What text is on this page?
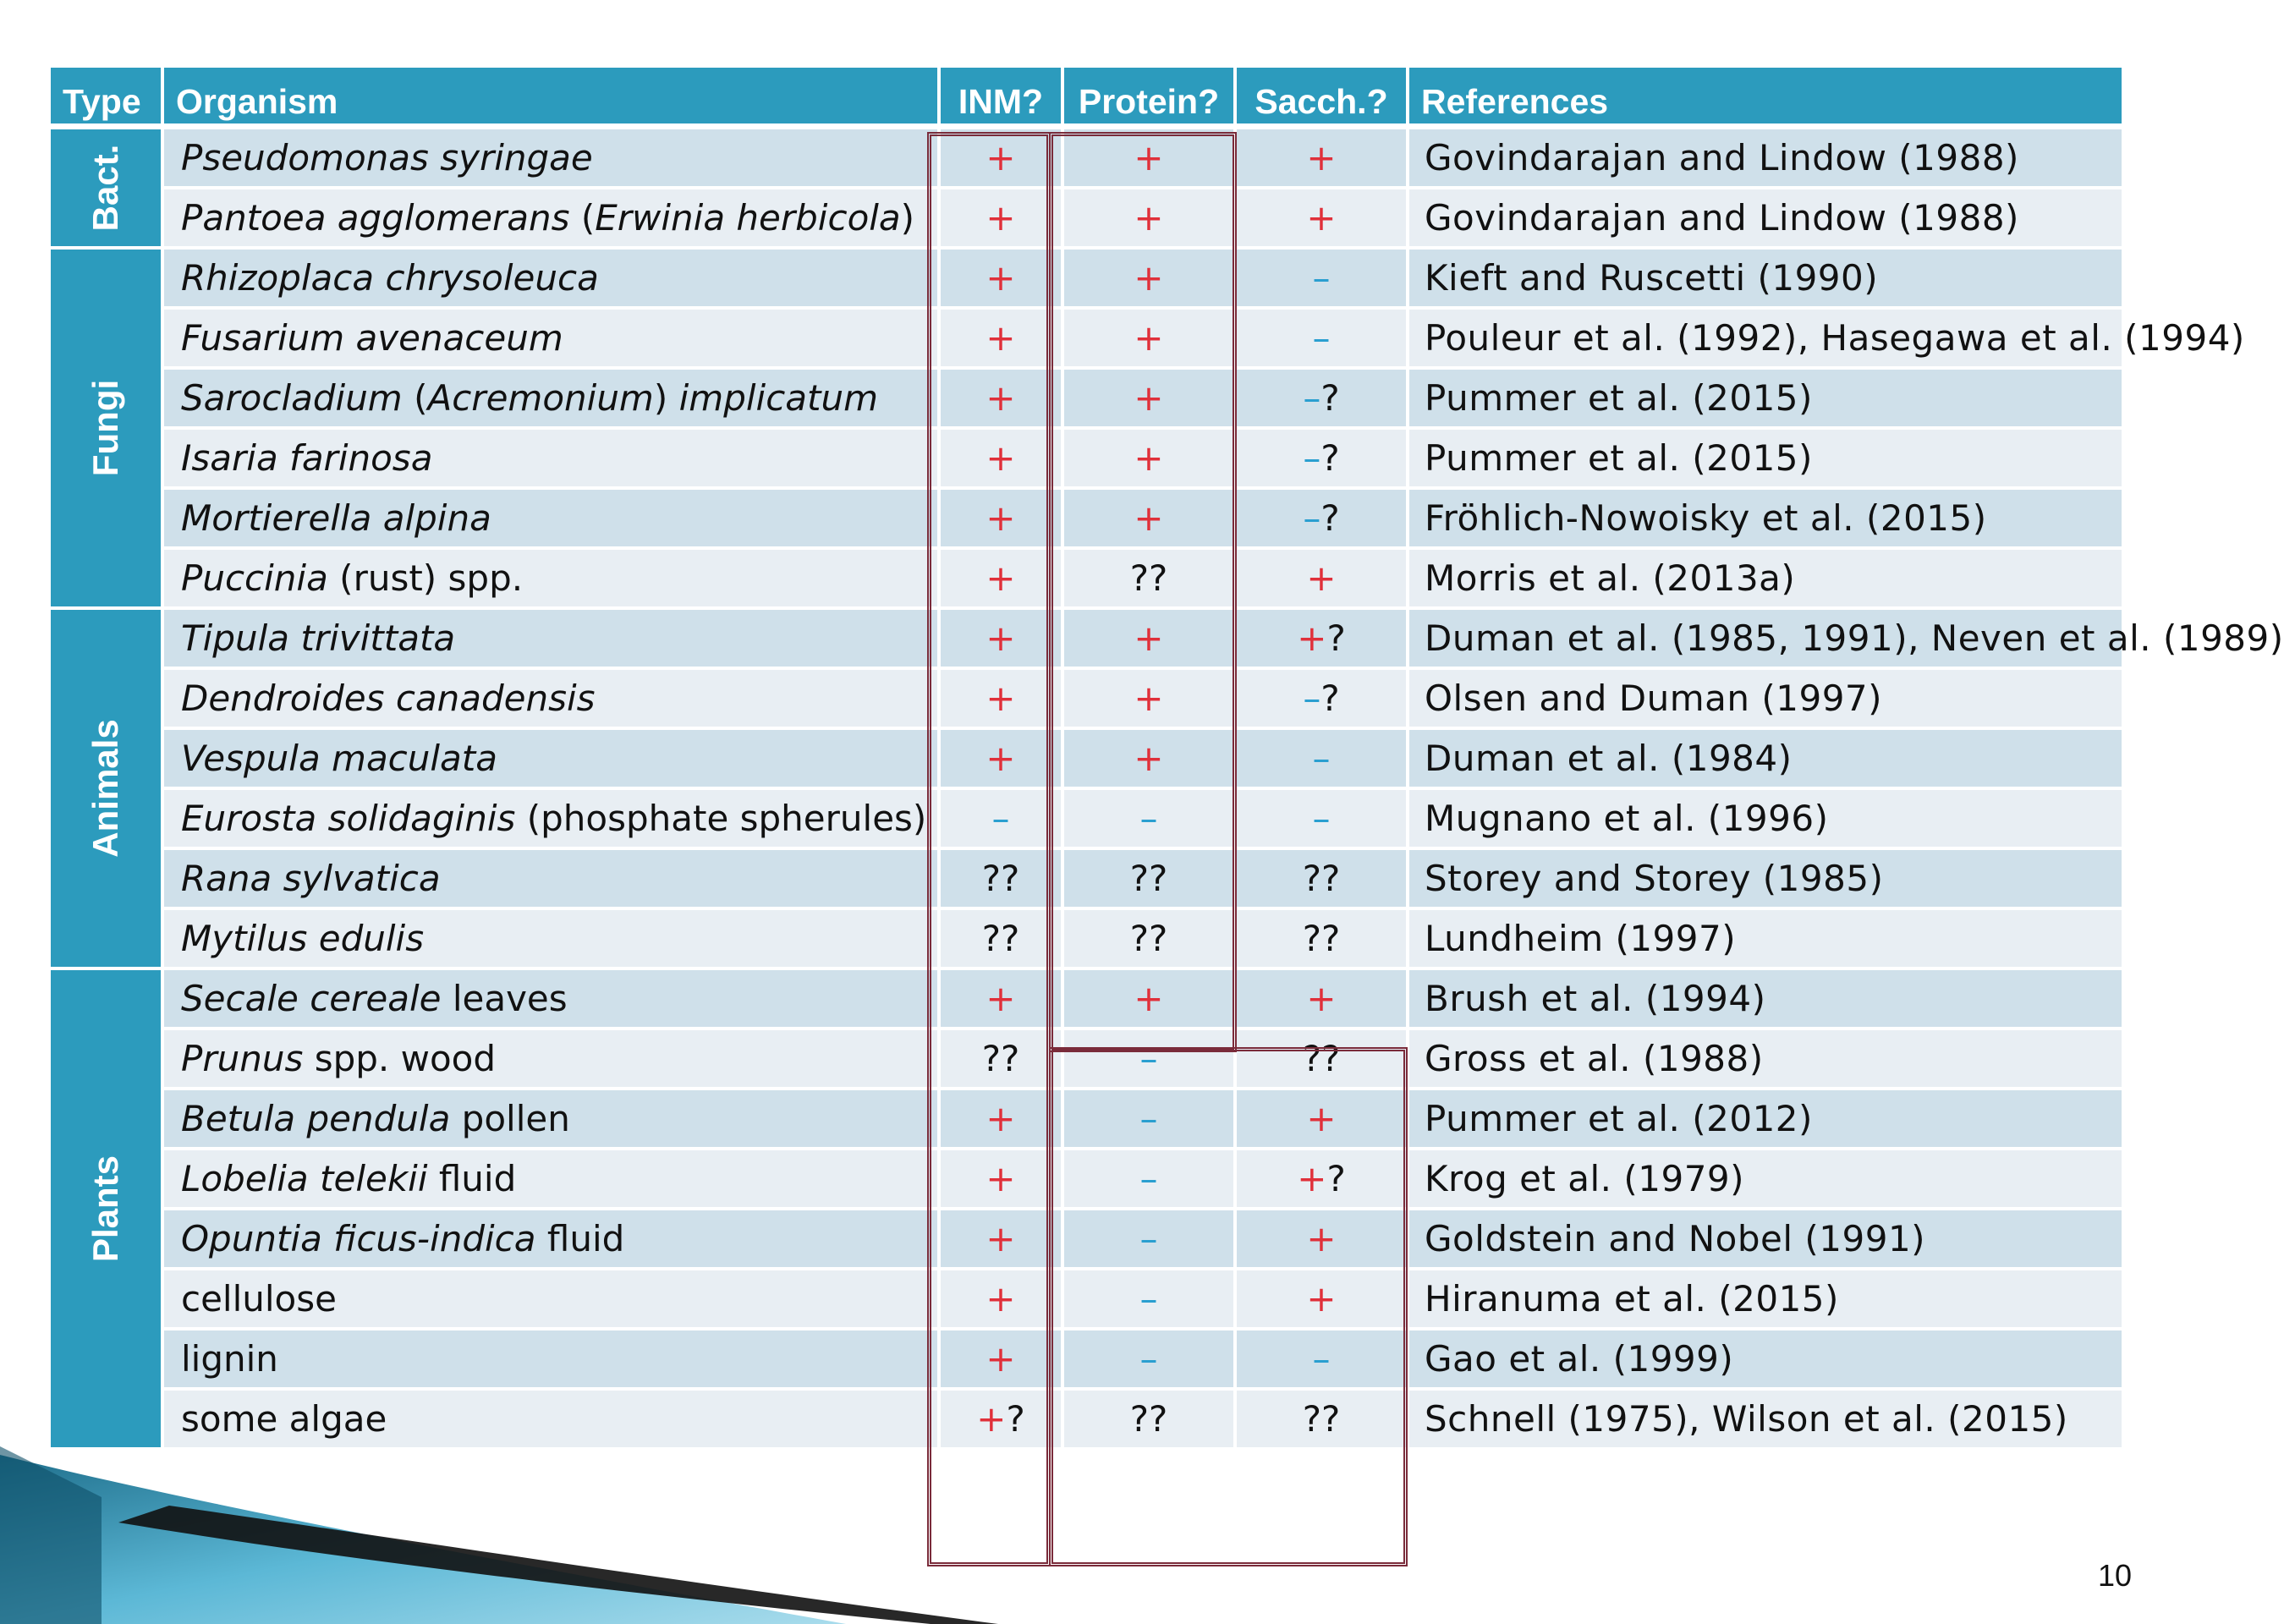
Type	Organism	INM?	Protein?	Sacch.?	References

Bact.	Pseudomonas syringae	+	+	+	Govindarajan and Lindow (1988)
	Pantoea agglomerans (Erwinia herbicola)	+	+	+	Govindarajan and Lindow (1988)

Fungi	Rhizoplaca chrysoleuca	+	+	–	Kieft and Ruscetti (1990)
	Fusarium avenaceum	+	+	–	Pouleur et al. (1992), Hasegawa et al. (1994)
	Sarocladium (Acremonium) implicatum	+	+	–?	Pummer et al. (2015)
	Isaria farinosa	+	+	–?	Pummer et al. (2015)
	Mortierella alpina	+	+	–?	Fröhlich-Nowoisky et al. (2015)
	Puccinia (rust) spp.	+	??	+	Morris et al. (2013a)

Animals	Tipula trivittata	+	+	+?	Duman et al. (1985, 1991), Neven et al. (1989)
	Dendroides canadensis	+	+	–?	Olsen and Duman (1997)
	Vespula maculata	+	+	–	Duman et al. (1984)
	Eurosta solidaginis (phosphate spherules)	–	–	–	Mugnano et al. (1996)
	Rana sylvatica	??	??	??	Storey and Storey (1985)
	Mytilus edulis	??	??	??	Lundheim (1997)

Plants	Secale cereale leaves	+	+	+	Brush et al. (1994)
	Prunus spp. wood	??	–	??	Gross et al. (1988)
	Betula pendula pollen	+	–	+	Pummer et al. (2012)
	Lobelia telekii fluid	+	–	+?	Krog et al. (1979)
	Opuntia ficus-indica fluid	+	–	+	Goldstein and Nobel (1991)
	cellulose	+	–	+	Hiranuma et al. (2015)
	lignin	+	–	–	Gao et al. (1999)
	some algae	+?	??	??	Schnell (1975), Wilson et al. (2015)
10
